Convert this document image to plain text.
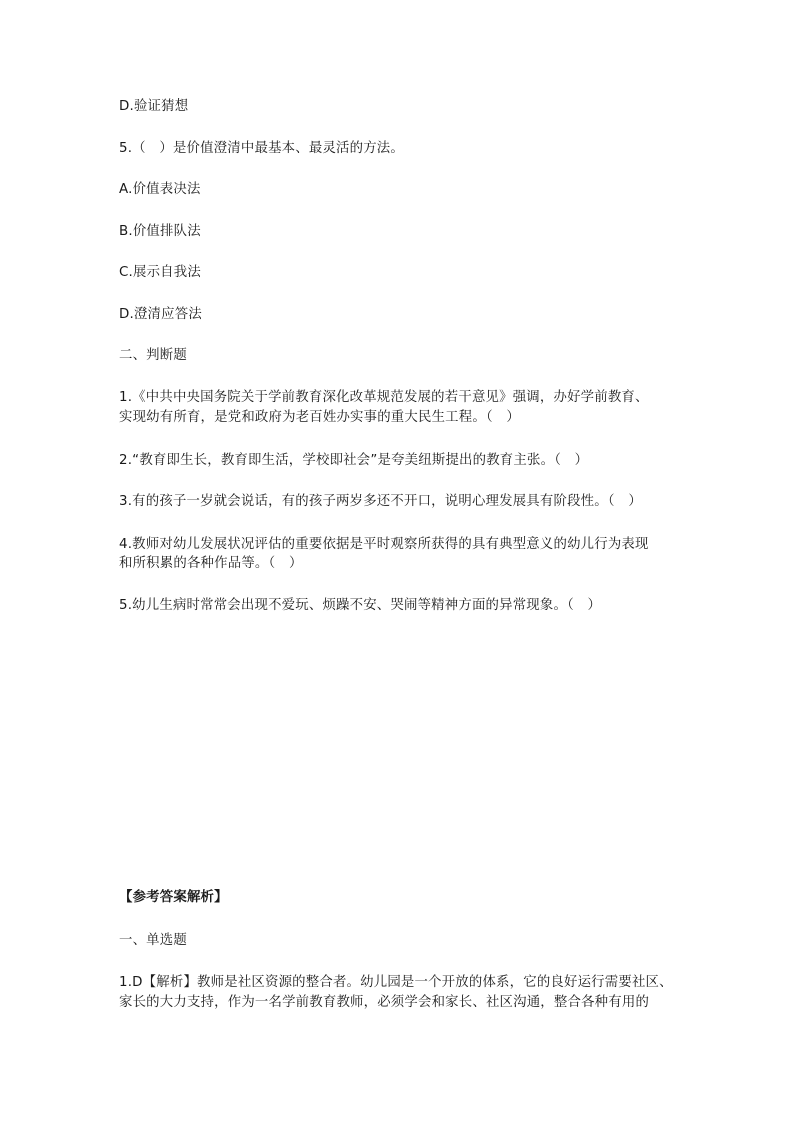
D.验证猜想
5.（　）是价值澄清中最基本、最灵活的方法。
A.价值表决法
B.价值排队法
C.展示自我法
D.澄清应答法
二、判断题
1.《中共中央国务院关于学前教育深化改革规范发展的若干意见》强调，办好学前教育、
实现幼有所育，是党和政府为老百姓办实事的重大民生工程。（　）
2.“教育即生长，教育即生活，学校即社会”是夸美纽斯提出的教育主张。（　）
3.有的孩子一岁就会说话，有的孩子两岁多还不开口，说明心理发展具有阶段性。（　）
4.教师对幼儿发展状况评估的重要依据是平时观察所获得的具有典型意义的幼儿行为表现
和所积累的各种作品等。（　）
5.幼儿生病时常常会出现不爱玩、烦躁不安、哭闹等精神方面的异常现象。（　）
【参考答案解析】
一、单选题
1.D【解析】教师是社区资源的整合者。幼儿园是一个开放的体系，它的良好运行需要社区、
家长的大力支持，作为一名学前教育教师，必须学会和家长、社区沟通，整合各种有用的
